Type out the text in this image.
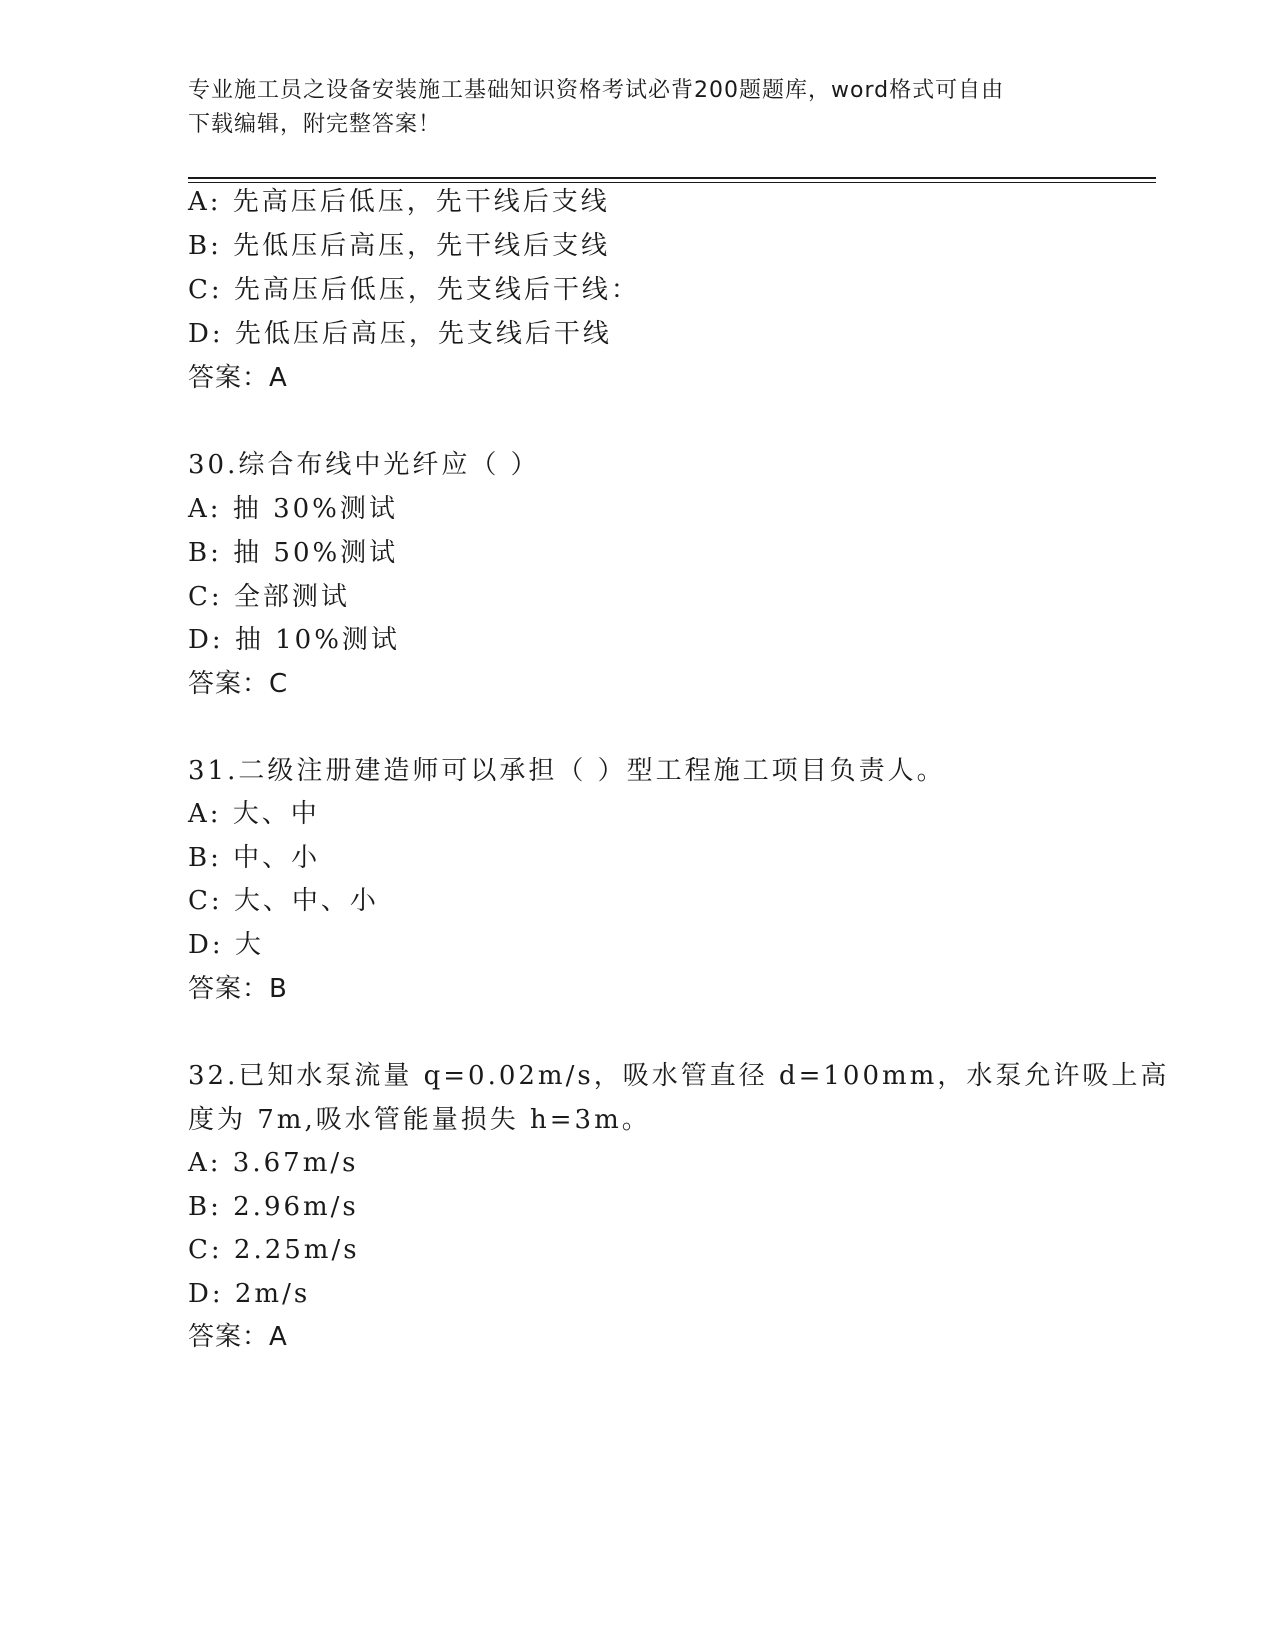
专业施工员之设备安装施工基础知识资格考试必背200题题库，word格式可自由
下载编辑，附完整答案！
A: 先高压后低压，先干线后支线
B: 先低压后高压，先干线后支线
C: 先高压后低压，先支线后干线：
D: 先低压后高压，先支线后干线
答案：A
30.综合布线中光纤应（ ）
A: 抽 30%测试
B: 抽 50%测试
C: 全部测试
D: 抽 10%测试
答案：C
31.二级注册建造师可以承担（ ）型工程施工项目负责人。
A: 大、中
B: 中、小
C: 大、中、小
D: 大
答案：B
32.已知水泵流量 q=0.02m/s，吸水管直径 d=100mm，水泵允许吸上高
度为 7m,吸水管能量损失 h=3m。
A: 3.67m/s
B: 2.96m/s
C: 2.25m/s
D: 2m/s
答案：A
